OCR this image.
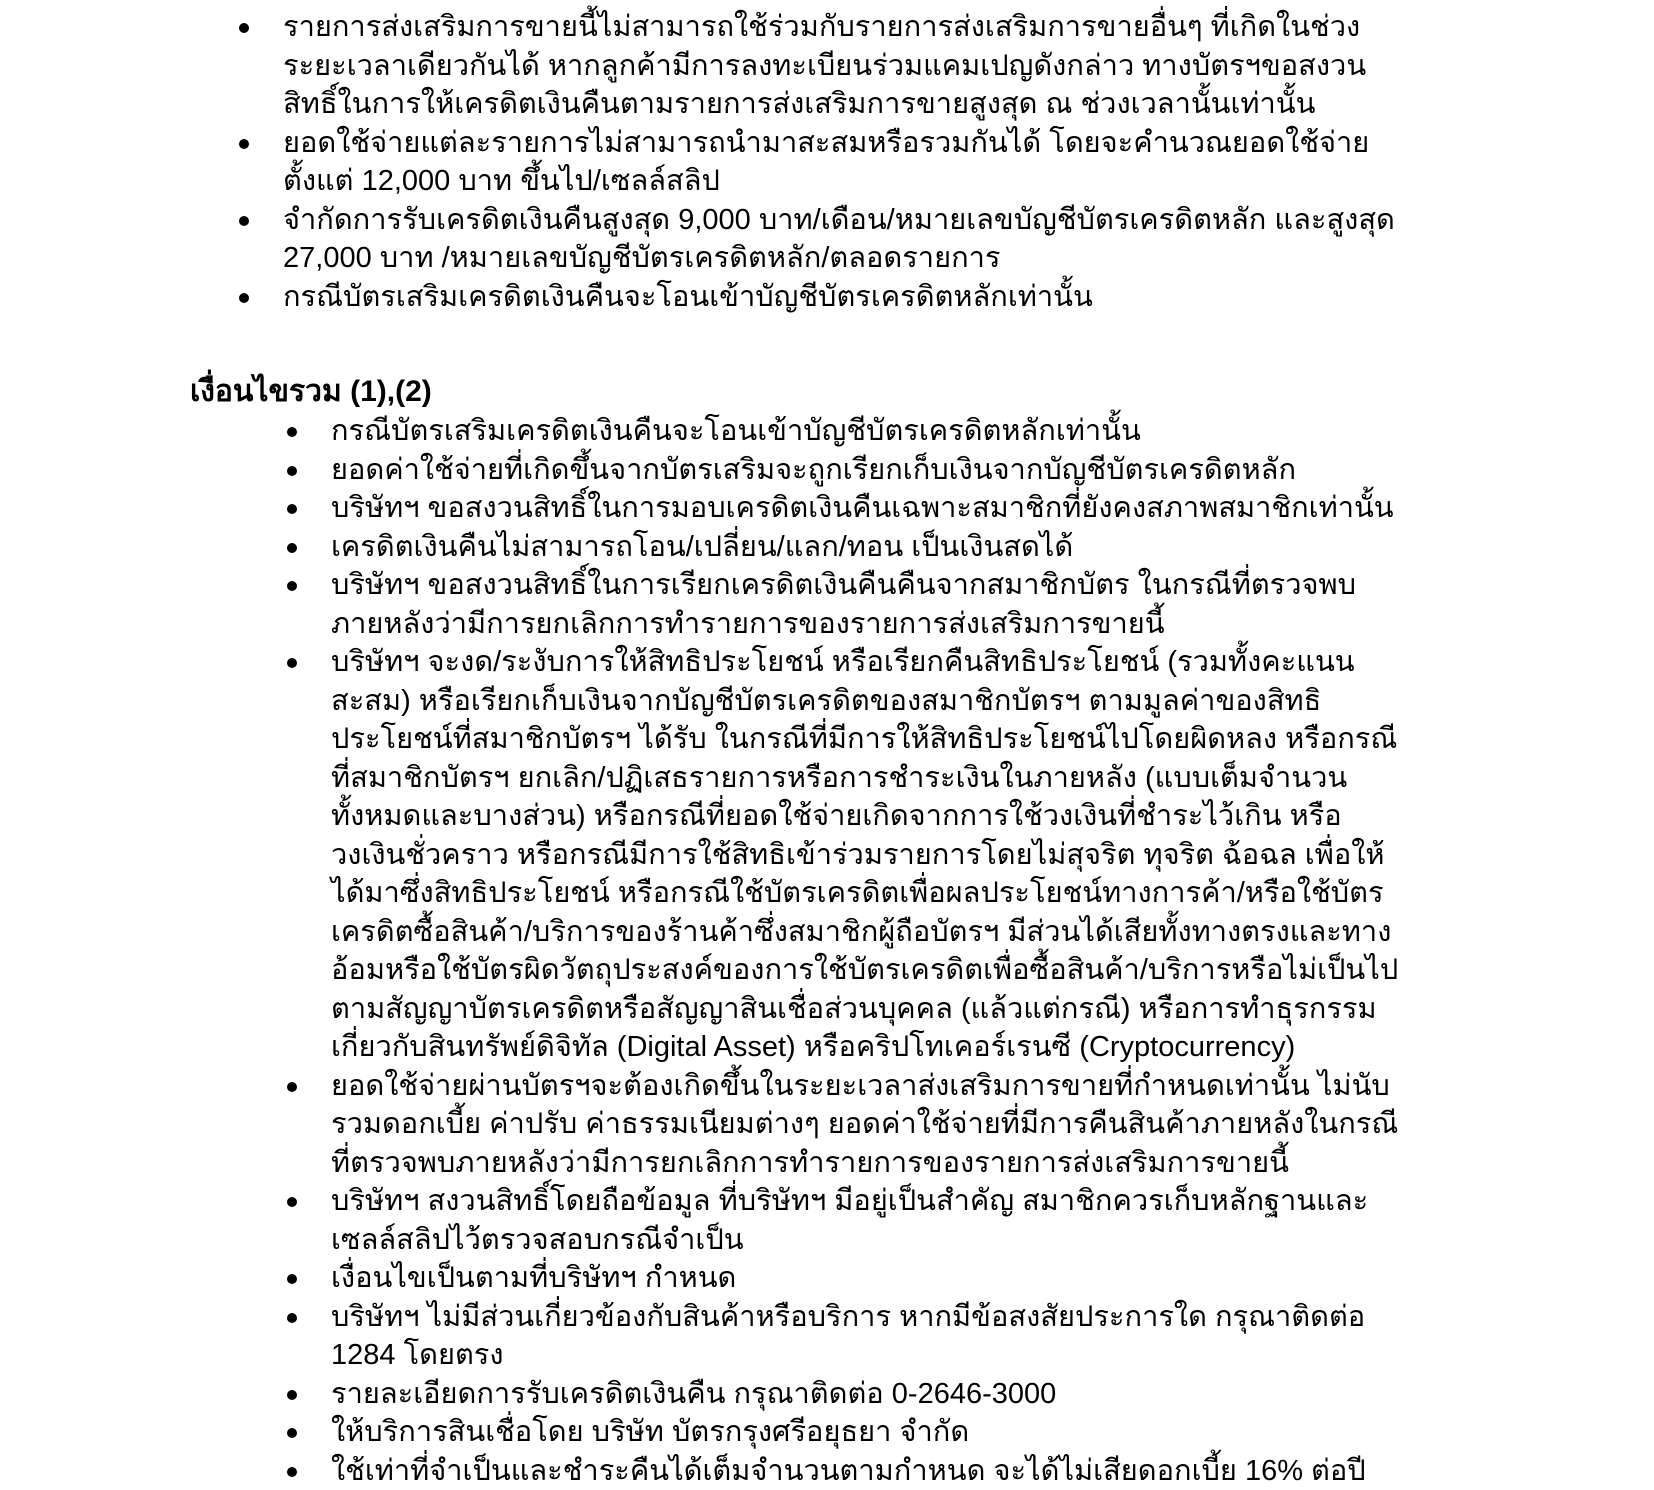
รายการส่งเสริมการขายนี้ไม่สามารถใช้ร่วมกับรายการส่งเสริมการขายอื่นๆ ที่เกิดในช่วงระยะเวลาเดียวกันได้ หากลูกค้ามีการลงทะเบียนร่วมแคมเปญดังกล่าว ทางบัตรฯขอสงวนสิทธิ์ในการให้เครดิตเงินคืนตามรายการส่งเสริมการขายสูงสุด ณ ช่วงเวลานั้นเท่านั้น
ยอดใช้จ่ายแต่ละรายการไม่สามารถนำมาสะสมหรือรวมกันได้ โดยจะคำนวณยอดใช้จ่ายตั้งแต่ 12,000 บาท ขึ้นไป/เซลล์สลิป
จำกัดการรับเครดิตเงินคืนสูงสุด 9,000 บาท/เดือน/หมายเลขบัญชีบัตรเครดิตหลัก และสูงสุด 27,000 บาท /หมายเลขบัญชีบัตรเครดิตหลัก/ตลอดรายการ
กรณีบัตรเสริมเครดิตเงินคืนจะโอนเข้าบัญชีบัตรเครดิตหลักเท่านั้น
เงื่อนไขรวม (1),(2)
กรณีบัตรเสริมเครดิตเงินคืนจะโอนเข้าบัญชีบัตรเครดิตหลักเท่านั้น
ยอดค่าใช้จ่ายที่เกิดขึ้นจากบัตรเสริมจะถูกเรียกเก็บเงินจากบัญชีบัตรเครดิตหลัก
บริษัทฯ ขอสงวนสิทธิ์ในการมอบเครดิตเงินคืนเฉพาะสมาชิกที่ยังคงสภาพสมาชิกเท่านั้น
เครดิตเงินคืนไม่สามารถโอน/เปลี่ยน/แลก/ทอน เป็นเงินสดได้
บริษัทฯ ขอสงวนสิทธิ์ในการเรียกเครดิตเงินคืนคืนจากสมาชิกบัตร ในกรณีที่ตรวจพบภายหลังว่ามีการยกเลิกการทำรายการของรายการส่งเสริมการขายนี้
บริษัทฯ จะงด/ระงับการให้สิทธิประโยชน์ หรือเรียกคืนสิทธิประโยชน์ (รวมทั้งคะแนนสะสม) หรือเรียกเก็บเงินจากบัญชีบัตรเครดิตของสมาชิกบัตรฯ ตามมูลค่าของสิทธิประโยชน์ที่สมาชิกบัตรฯ ได้รับ ในกรณีที่มีการให้สิทธิประโยชน์ไปโดยผิดหลง หรือกรณีที่สมาชิกบัตรฯ ยกเลิก/ปฏิเสธรายการหรือการชำระเงินในภายหลัง (แบบเต็มจำนวนทั้งหมดและบางส่วน) หรือกรณีที่ยอดใช้จ่ายเกิดจากการใช้วงเงินที่ชำระไว้เกิน หรือวงเงินชั่วคราว หรือกรณีมีการใช้สิทธิเข้าร่วมรายการโดยไม่สุจริต ทุจริต ฉ้อฉล เพื่อให้ได้มาซึ่งสิทธิประโยชน์ หรือกรณีใช้บัตรเครดิตเพื่อผลประโยชน์ทางการค้า/หรือใช้บัตรเครดิตซื้อสินค้า/บริการของร้านค้าซึ่งสมาชิกผู้ถือบัตรฯ มีส่วนได้เสียทั้งทางตรงและทางอ้อมหรือใช้บัตรผิดวัตถุประสงค์ของการใช้บัตรเครดิตเพื่อซื้อสินค้า/บริการหรือไม่เป็นไปตามสัญญาบัตรเครดิตหรือสัญญาสินเชื่อส่วนบุคคล (แล้วแต่กรณี) หรือการทำธุรกรรมเกี่ยวกับสินทรัพย์ดิจิทัล (Digital Asset) หรือคริปโทเคอร์เรนซี (Cryptocurrency)
ยอดใช้จ่ายผ่านบัตรฯจะต้องเกิดขึ้นในระยะเวลาส่งเสริมการขายที่กำหนดเท่านั้น ไม่นับรวมดอกเบี้ย ค่าปรับ ค่าธรรมเนียมต่างๆ ยอดค่าใช้จ่ายที่มีการคืนสินค้าภายหลังในกรณีที่ตรวจพบภายหลังว่ามีการยกเลิกการทำรายการของรายการส่งเสริมการขายนี้
บริษัทฯ สงวนสิทธิ์โดยถือข้อมูล ที่บริษัทฯ มีอยู่เป็นสำคัญ สมาชิกควรเก็บหลักฐานและเซลล์สลิปไว้ตรวจสอบกรณีจำเป็น
เงื่อนไขเป็นตามที่บริษัทฯ กำหนด
บริษัทฯ ไม่มีส่วนเกี่ยวข้องกับสินค้าหรือบริการ หากมีข้อสงสัยประการใด กรุณาติดต่อ 1284 โดยตรง
รายละเอียดการรับเครดิตเงินคืน กรุณาติดต่อ 0-2646-3000
ให้บริการสินเชื่อโดย บริษัท บัตรกรุงศรีอยุธยา จำกัด
ใช้เท่าที่จำเป็นและชำระคืนได้เต็มจำนวนตามกำหนด จะได้ไม่เสียดอกเบี้ย 16% ต่อปี
